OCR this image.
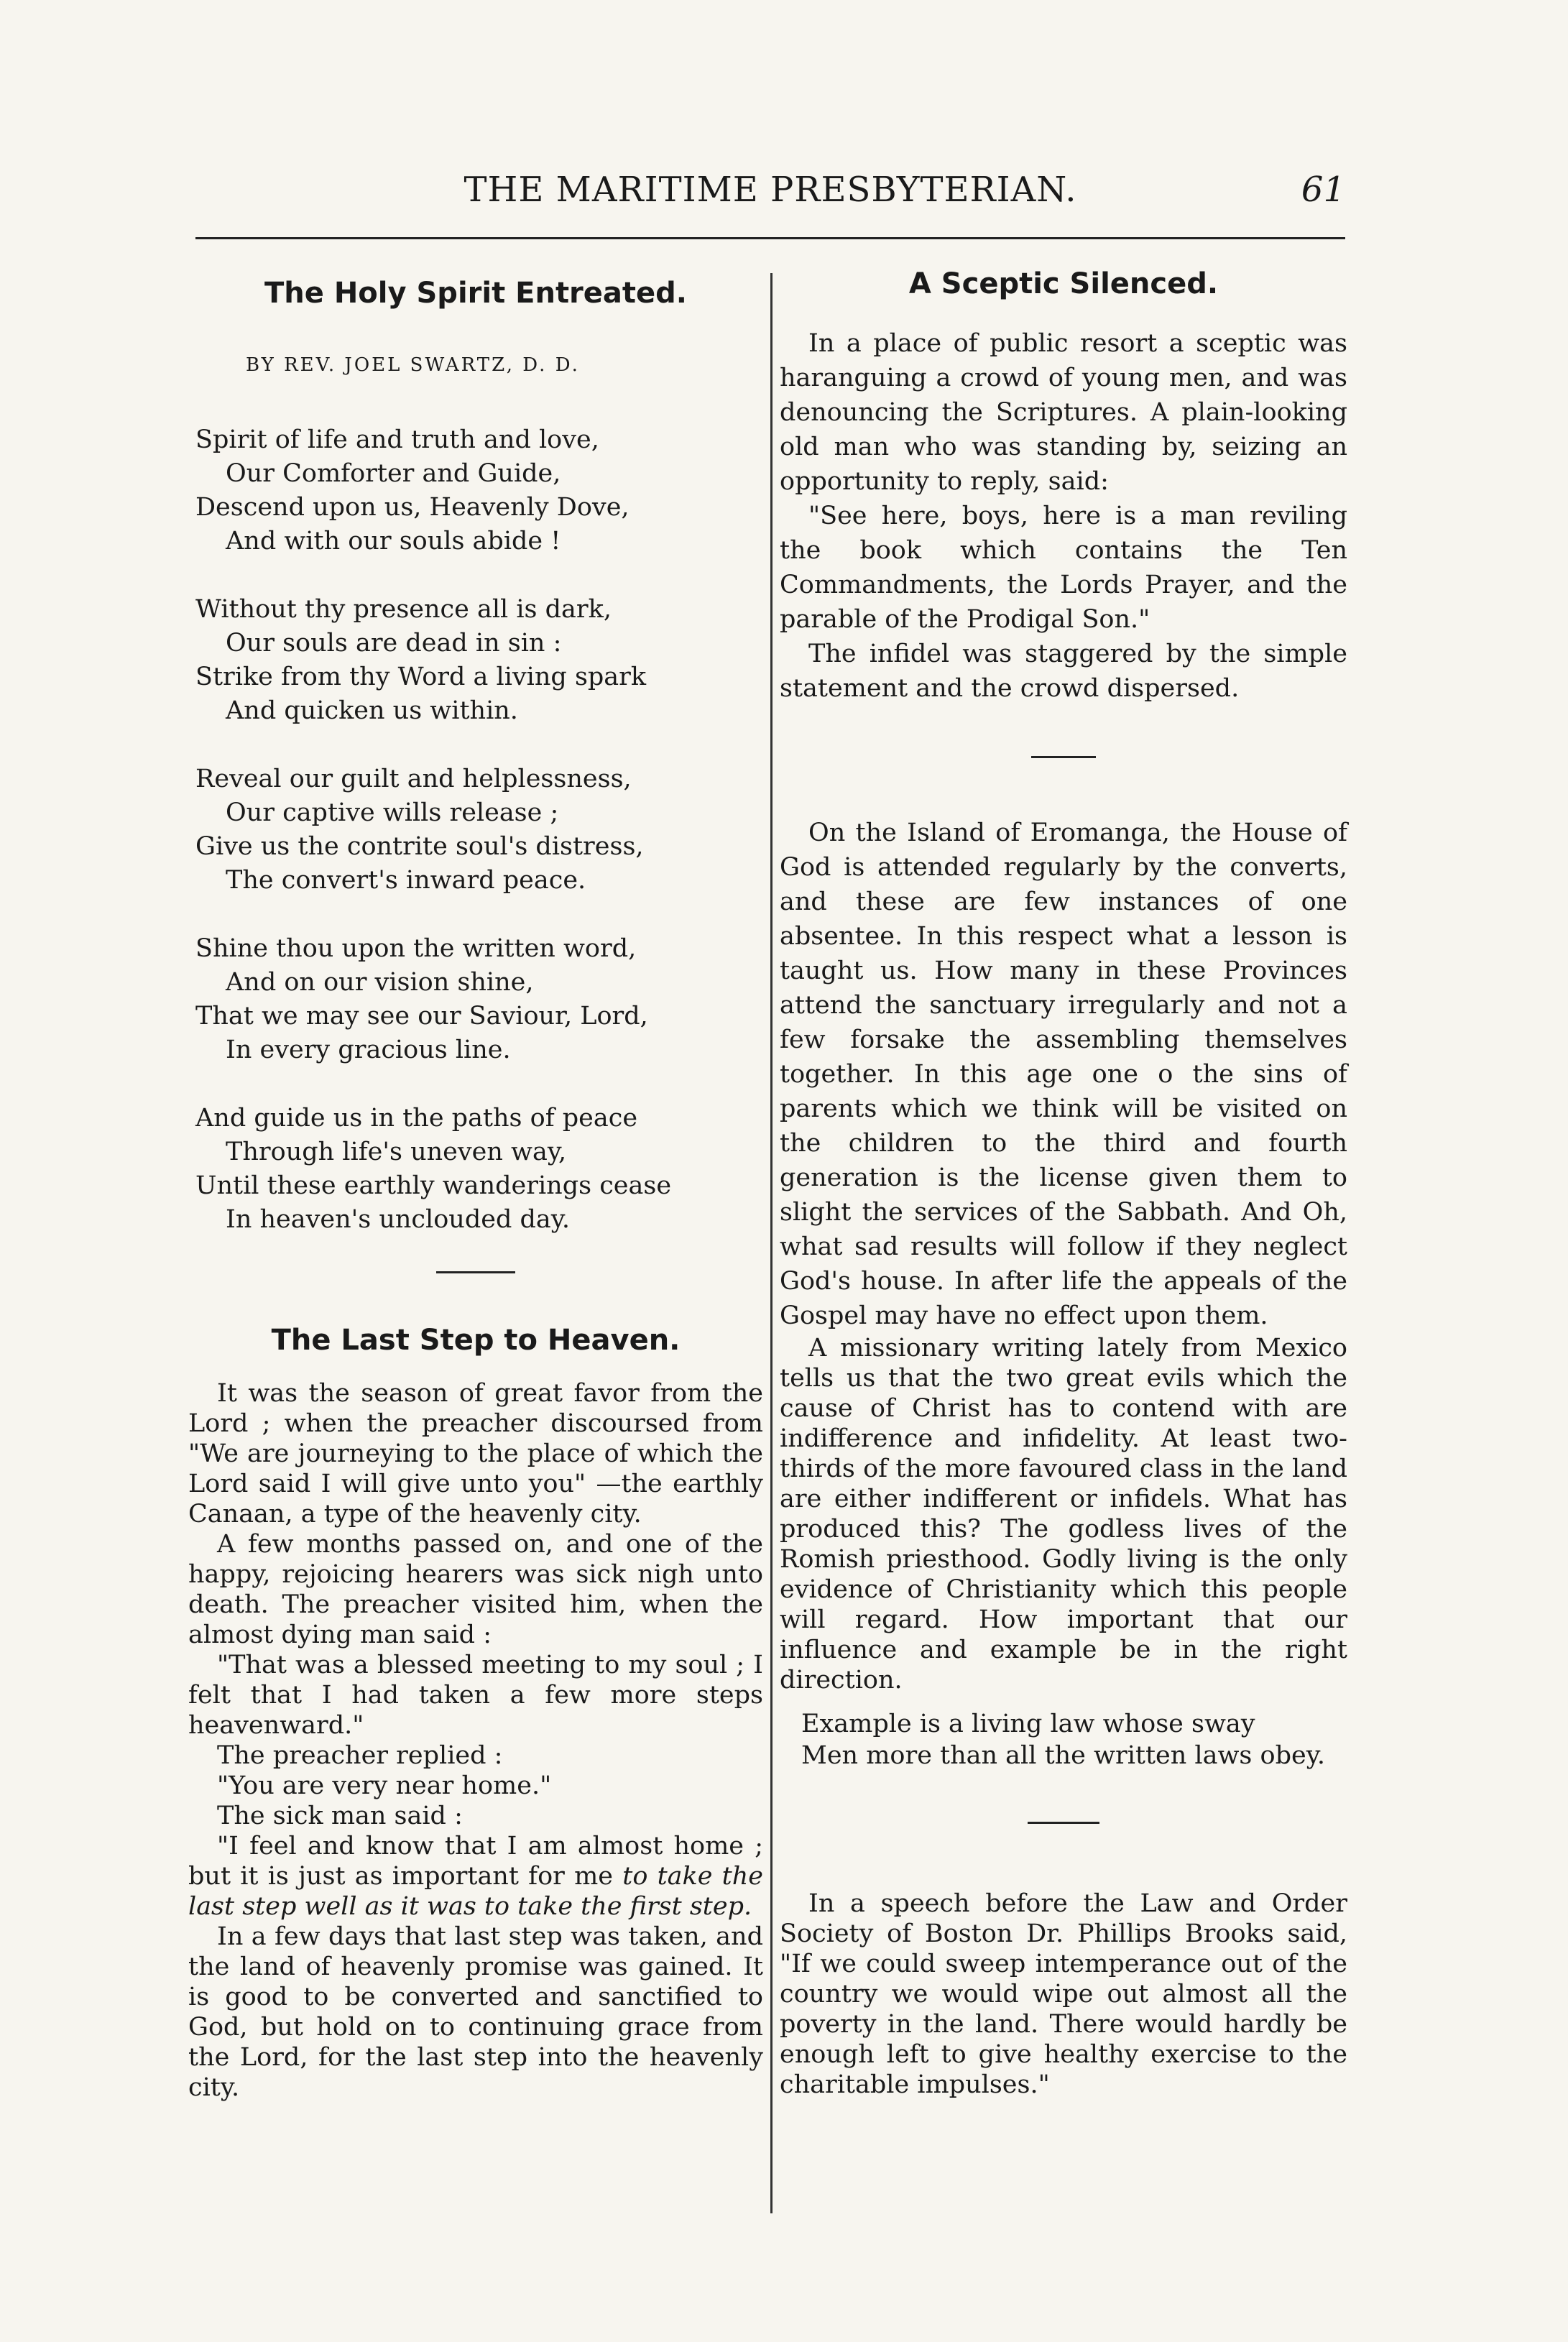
THE MARITIME PRESBYTERIAN.	61
The Holy Spirit Entreated.
BY REV. JOEL SWARTZ, D. D.
Spirit of life and truth and love,
Our Comforter and Guide,
Descend upon us, Heavenly Dove,
And with our souls abide !
Without thy presence all is dark,
Our souls are dead in sin :
Strike from thy Word a living spark
And quicken us within.
Reveal our guilt and helplessness,
Our captive wills release ;
Give us the contrite soul's distress,
The convert's inward peace.
Shine thou upon the written word,
And on our vision shine,
That we may see our Saviour, Lord,
In every gracious line.
And guide us in the paths of peace
Through life's uneven way,
Until these earthly wanderings cease
In heaven's unclouded day.
The Last Step to Heaven.

It was the season of great favor from the Lord ; when the preacher discoursed from "We are journeying to the place of which the Lord said I will give unto you" —the earthly Canaan, a type of the heavenly city.

A few months passed on, and one of the happy, rejoicing hearers was sick nigh unto death. The preacher visited him, when the almost dying man said :

"That was a blessed meeting to my soul ; I felt that I had taken a few more steps heavenward."

The preacher replied :

"You are very near home."

The sick man said :

"I feel and know that I am almost home ; but it is just as important for me to take the last step well as it was to take the first step.

In a few days that last step was taken, and the land of heavenly promise was gained. It is good to be converted and sanctified to God, but hold on to continuing grace from the Lord, for the last step into the heavenly city.

A Sceptic Silenced.

In a place of public resort a sceptic was haranguing a crowd of young men, and was denouncing the Scriptures. A plain-looking old man who was standing by, seizing an opportunity to reply, said:

"See here, boys, here is a man reviling the book which contains the Ten Commandments, the Lords Prayer, and the parable of the Prodigal Son."

The infidel was staggered by the simple statement and the crowd dispersed.

On the Island of Eromanga, the House of God is attended regularly by the converts, and these are few instances of one absentee. In this respect what a lesson is taught us. How many in these Provinces attend the sanctuary irregularly and not a few forsake the assembling themselves together. In this age one o the sins of parents which we think will be visited on the children to the third and fourth generation is the license given them to slight the services of the Sabbath. And Oh, what sad results will follow if they neglect God's house. In after life the appeals of the Gospel may have no effect upon them.

A missionary writing lately from Mexico tells us that the two great evils which the cause of Christ has to contend with are indifference and infidelity. At least two-thirds of the more favoured class in the land are either indifferent or infidels. What has produced this? The godless lives of the Romish priesthood. Godly living is the only evidence of Christianity which this people will regard. How important that our influence and example be in the right direction.

Example is a living law whose sway
Men more than all the written laws obey.

In a speech before the Law and Order Society of Boston Dr. Phillips Brooks said, "If we could sweep intemperance out of the country we would wipe out almost all the poverty in the land. There would hardly be enough left to give healthy exercise to the charitable impulses."
